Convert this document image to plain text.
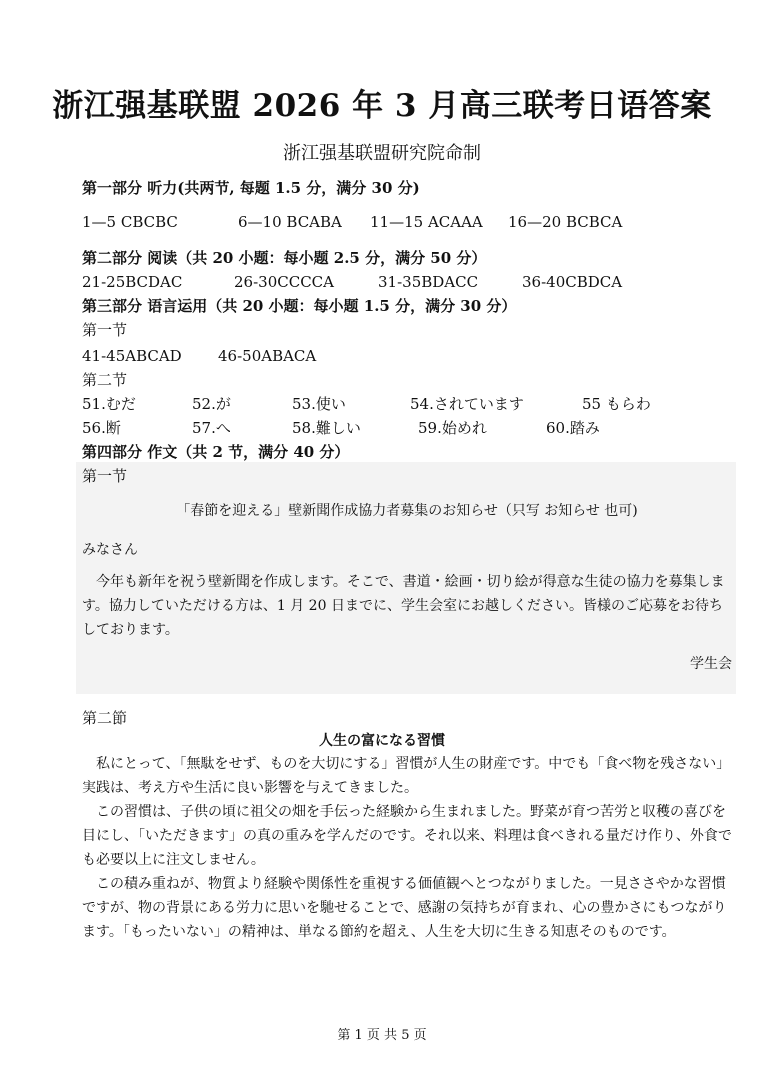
浙江强基联盟 2026 年 3 月高三联考日语答案
浙江强基联盟研究院命制
第一部分 听力(共两节, 每题 1.5 分，满分 30 分)
1—5 CBCBC	6—10 BCABA 11—15 ACAAA 16—20 BCBCA
第二部分 阅读（共 20 小题：每小题 2.5 分，满分 50 分）
21-25BCDAC	26-30CCCCA	31-35BDACC	36-40CBDCA
第三部分 语言运用（共 20 小题：每小题 1.5 分，满分 30 分）
第一节
41-45ABCAD 46-50ABACA
第二节
51.むだ	52.が	53.使い	54.されています	55 もらわ
56.断	57.へ	58.難しい	59.始めれ	60.踏み
第四部分 作文（共 2 节，满分 40 分）
第一节
「春節を迎える」壁新聞作成協力者募集のお知らせ（只写 お知らせ 也可)
みなさん

今年も新年を祝う壁新聞を作成します。そこで、書道・絵画・切り絵が得意な生徒の協力を募集します。協力していただける方は、1 月 20 日までに、学生会室にお越しください。皆様のご応募をお待ちしております。

学生会
第二節
人生の富になる習慣

私にとって、「無駄をせず、ものを大切にする」習慣が人生の財産です。中でも「食べ物を残さない」実践は、考え方や生活に良い影響を与えてきました。

この習慣は、子供の頃に祖父の畑を手伝った経験から生まれました。野菜が育つ苦労と収穫の喜びを目にし、「いただきます」の真の重みを学んだのです。それ以来、料理は食べきれる量だけ作り、外食でも必要以上に注文しません。

この積み重ねが、物質より経験や関係性を重視する価値観へとつながりました。一見ささやかな習慣ですが、物の背景にある労力に思いを馳せることで、感謝の気持ちが育まれ、心の豊かさにもつながります。「もったいない」の精神は、単なる節約を超え、人生を大切に生きる知恵そのものです。

第 1 页 共 5 页
